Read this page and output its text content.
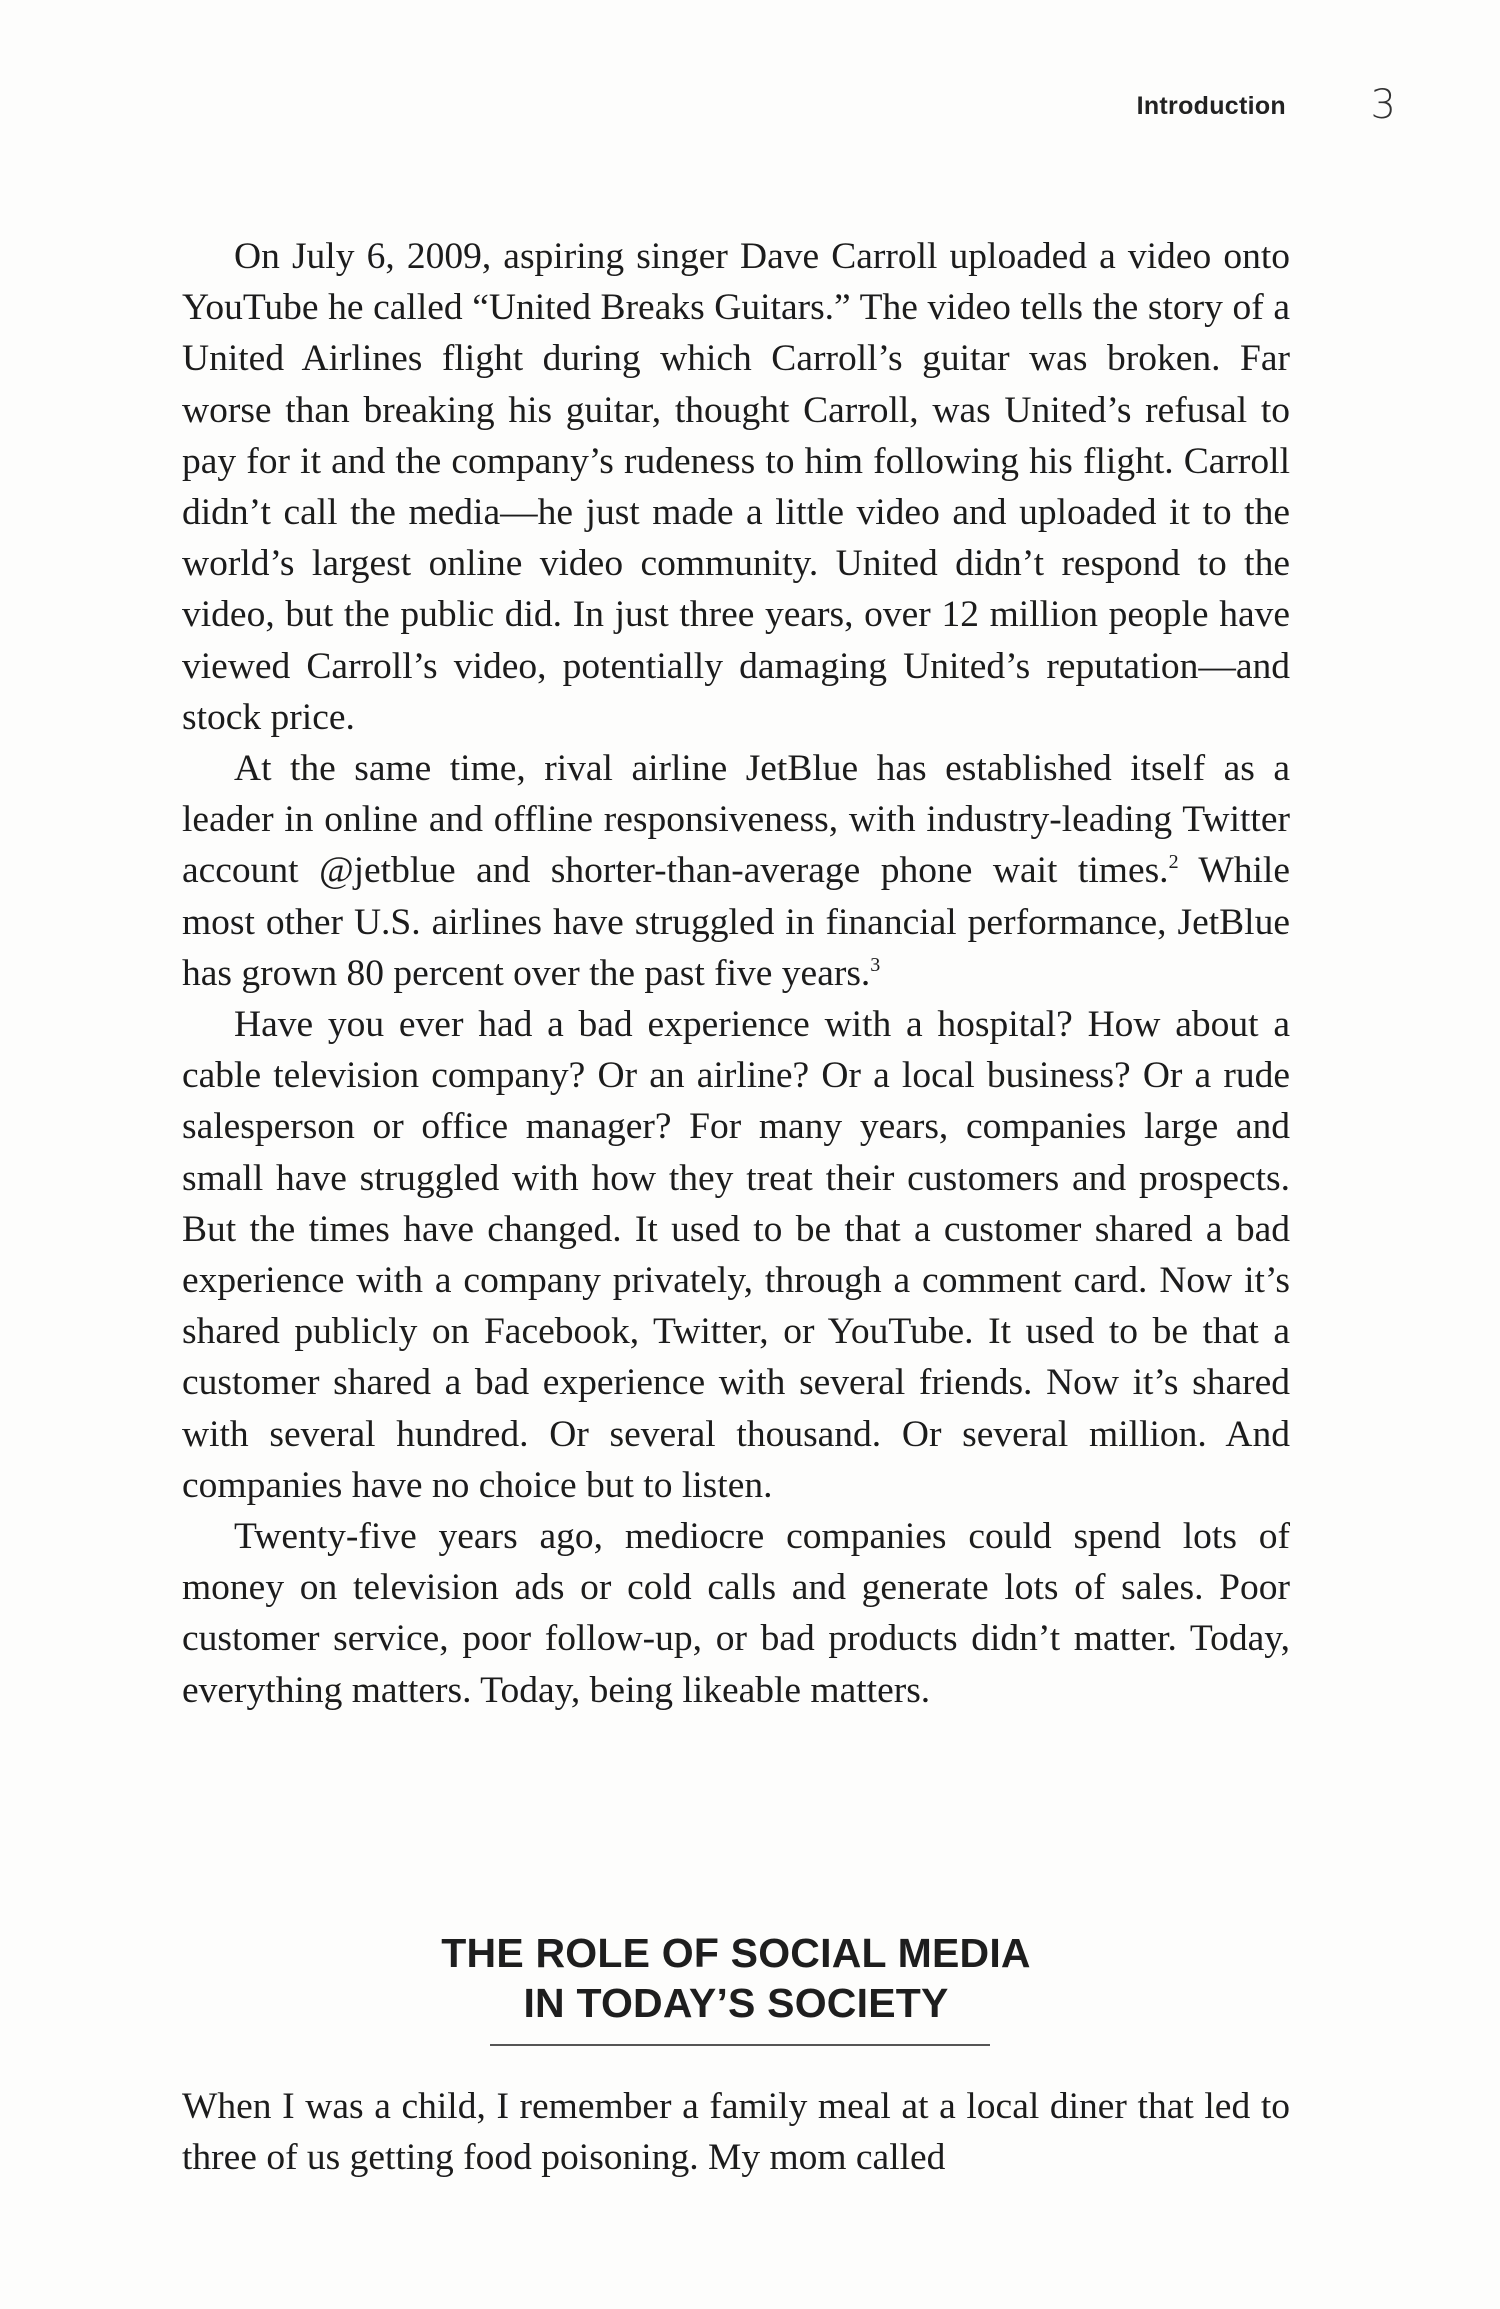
Introduction 3

On July 6, 2009, aspiring singer Dave Carroll uploaded a video onto YouTube he called “United Breaks Guitars.” The video tells the story of a United Airlines flight during which Carroll’s guitar was broken. Far worse than breaking his guitar, thought Carroll, was United’s refusal to pay for it and the company’s rudeness to him following his flight. Carroll didn’t call the media—he just made a little video and uploaded it to the world’s largest online video community. United didn’t respond to the video, but the public did. In just three years, over 12 million people have viewed Carroll’s video, potentially damaging United’s reputation—and stock price.

At the same time, rival airline JetBlue has established itself as a leader in online and offline responsiveness, with industry-leading Twitter account @jetblue and shorter-than-average phone wait times.$^2$ While most other U.S. airlines have struggled in financial performance, JetBlue has grown 80 percent over the past five years.$^3$

Have you ever had a bad experience with a hospital? How about a cable television company? Or an airline? Or a local business? Or a rude salesperson or office manager? For many years, companies large and small have struggled with how they treat their customers and prospects. But the times have changed. It used to be that a customer shared a bad experience with a company privately, through a comment card. Now it’s shared publicly on Facebook, Twitter, or YouTube. It used to be that a customer shared a bad experience with several friends. Now it’s shared with several hundred. Or several thousand. Or several million. And companies have no choice but to listen.

Twenty-five years ago, mediocre companies could spend lots of money on television ads or cold calls and generate lots of sales. Poor customer service, poor follow-up, or bad products didn’t matter. Today, everything matters. Today, being likeable matters.

THE ROLE OF SOCIAL MEDIA
IN TODAY’S SOCIETY

When I was a child, I remember a family meal at a local diner that led to three of us getting food poisoning. My mom called
